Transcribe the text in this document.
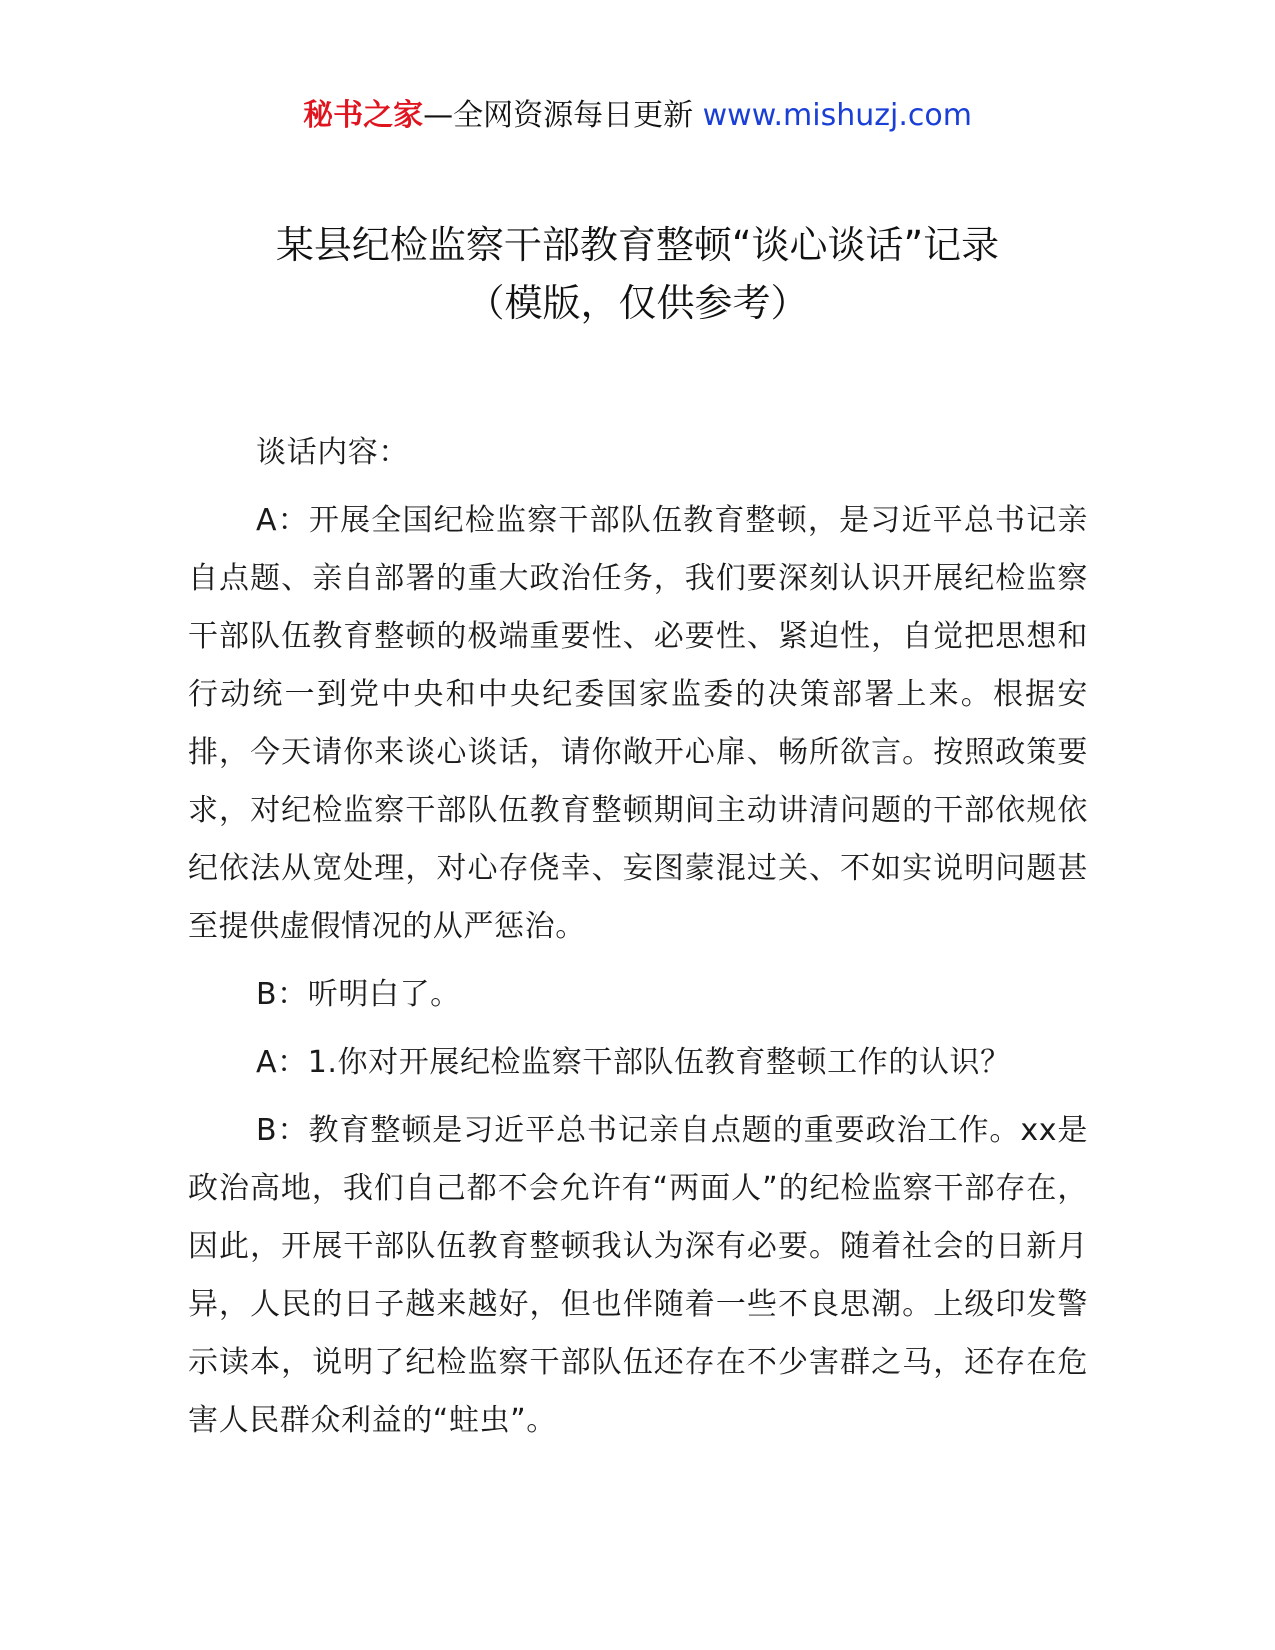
秘书之家—全网资源每日更新 www.mishuzj.com
某县纪检监察干部教育整顿“谈心谈话”记录
（模版，仅供参考）

谈话内容：

A：开展全国纪检监察干部队伍教育整顿，是习近平总书记亲自点题、亲自部署的重大政治任务，我们要深刻认识开展纪检监察干部队伍教育整顿的极端重要性、必要性、紧迫性，自觉把思想和行动统一到党中央和中央纪委国家监委的决策部署上来。根据安排，今天请你来谈心谈话，请你敞开心扉、畅所欲言。按照政策要求，对纪检监察干部队伍教育整顿期间主动讲清问题的干部依规依纪依法从宽处理，对心存侥幸、妄图蒙混过关、不如实说明问题甚至提供虚假情况的从严惩治。

B：听明白了。

A：1.你对开展纪检监察干部队伍教育整顿工作的认识？

B：教育整顿是习近平总书记亲自点题的重要政治工作。xx是政治高地，我们自己都不会允许有“两面人”的纪检监察干部存在，因此，开展干部队伍教育整顿我认为深有必要。随着社会的日新月异，人民的日子越来越好，但也伴随着一些不良思潮。上级印发警示读本，说明了纪检监察干部队伍还存在不少害群之马，还存在危害人民群众利益的“蛀虫”。
